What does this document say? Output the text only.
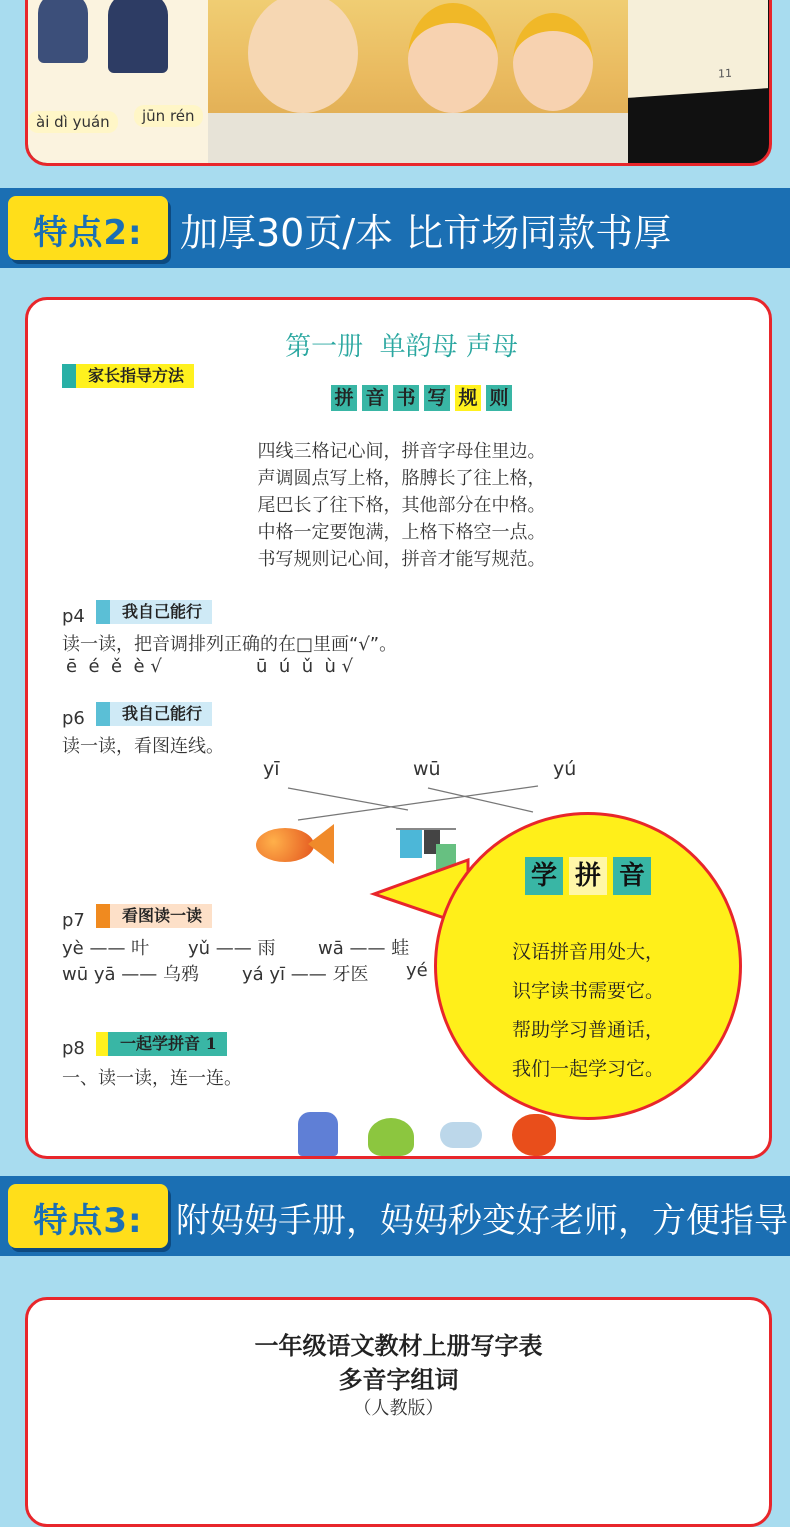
ài dì yuán	jūn rén
11
特点2: 加厚30页/本 比市场同款书厚
第一册  单韵母 声母
家长指导方法
拼 音 书 写 规 则
四线三格记心间，拼音字母住里边。
声调圆点写上格，胳膊长了往上格，
尾巴长了往下格，其他部分在中格。
中格一定要饱满，上格下格空一点。
书写规则记心间，拼音才能写规范。
p4	我自己能行
读一读，把音调排列正确的在□里画“√”。
ē  é  ě  è √	ū  ú  ǔ  ù √
p6	我自己能行
读一读，看图连线。
yī	wū	yú
p7	看图读一读
yè —— 叶 yǔ —— 雨 wā —— 蛙
wū yā —— 乌鸦 yá yī —— 牙医 yé
p8	一起学拼音 1
一、读一读，连一连。
学 拼 音
汉语拼音用处大，
识字读书需要它。
帮助学习普通话，
我们一起学习它。
特点3: 附妈妈手册，妈妈秒变好老师，方便指导
一年级语文教材上册写字表
多音字组词
（人教版）
